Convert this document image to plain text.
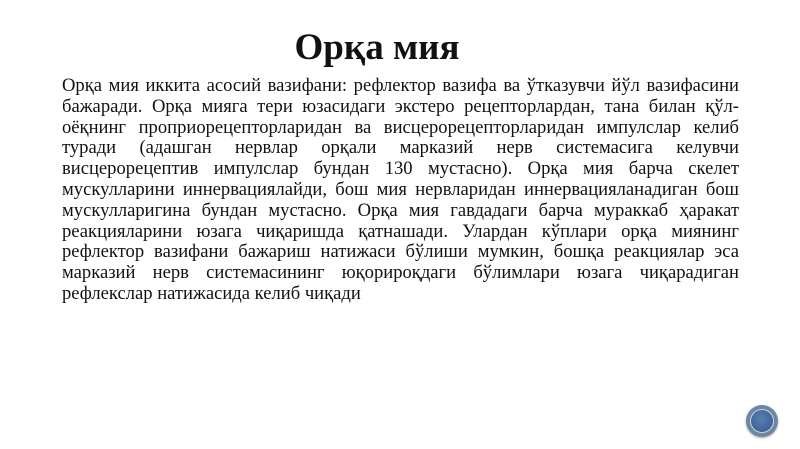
Орқа мия

Орқа мия иккита асосий вазифани: рефлектор вазифа ва ўтказувчи йўл вазифасини бажаради. Орқа мияга тери юзасидаги экстеро рецепторлардан, тана билан қўл-оёқнинг проприорецепторларидан ва висцерорецепторларидан импулслар келиб туради (адашган нервлар орқали марказий нерв системасига келувчи висцерорецептив импулслар бундан 130 мустасно). Орқа мия барча скелет мускулларини иннервациялайди, бош мия нервларидан иннервацияланадиган бош мускулларигина бундан мустасно. Орқа мия гавдадаги барча мураккаб ҳаракат реакцияларини юзага чиқаришда қатнашади. Улардан кўплари орқа миянинг рефлектор вазифани бажариш натижаси бўлиши мумкин, бошқа реакциялар эса марказий нерв системасининг юқорироқдаги бўлимлари юзага чиқарадиган рефлекслар натижасида келиб чиқади
